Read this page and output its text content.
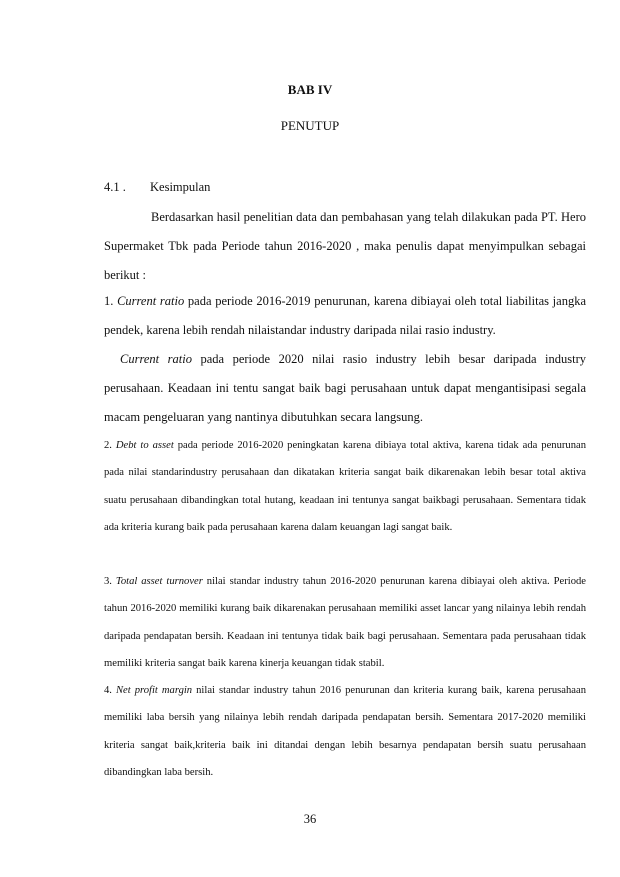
BAB IV
PENUTUP
4.1 . Kesimpulan
Berdasarkan hasil penelitian data dan pembahasan yang telah dilakukan pada PT. Hero Supermaket Tbk pada Periode tahun 2016-2020 , maka penulis dapat menyimpulkan sebagai berikut :
1. Current ratio pada periode 2016-2019 penurunan, karena dibiayai oleh total liabilitas jangka pendek, karena lebih rendah nilaistandar industry daripada nilai rasio industry.
Current ratio pada periode 2020 nilai rasio industry lebih besar daripada industry perusahaan. Keadaan ini tentu sangat baik bagi perusahaan untuk dapat mengantisipasi segala macam pengeluaran yang nantinya dibutuhkan secara langsung.
2. Debt to asset pada periode 2016-2020 peningkatan karena dibiaya total aktiva, karena tidak ada penurunan pada nilai standarindustry perusahaan dan dikatakan kriteria sangat baik dikarenakan lebih besar total aktiva suatu perusahaan dibandingkan total hutang, keadaan ini tentunya sangat baikbagi perusahaan. Sementara tidak ada kriteria kurang baik pada perusahaan karena dalam keuangan lagi sangat baik.
3. Total asset turnover nilai standar industry tahun 2016-2020 penurunan karena dibiayai oleh aktiva. Periode tahun 2016-2020 memiliki kurang baik dikarenakan perusahaan memiliki asset lancar yang nilainya lebih rendah daripada pendapatan bersih. Keadaan ini tentunya tidak baik bagi perusahaan. Sementara pada perusahaan tidak memiliki kriteria sangat baik karena kinerja keuangan tidak stabil.
4. Net profit margin nilai standar industry tahun 2016 penurunan dan kriteria kurang baik, karena perusahaan memiliki laba bersih yang nilainya lebih rendah daripada pendapatan bersih. Sementara 2017-2020 memiliki kriteria sangat baik,kriteria baik ini ditandai dengan lebih besarnya pendapatan bersih suatu perusahaan dibandingkan laba bersih.
36
